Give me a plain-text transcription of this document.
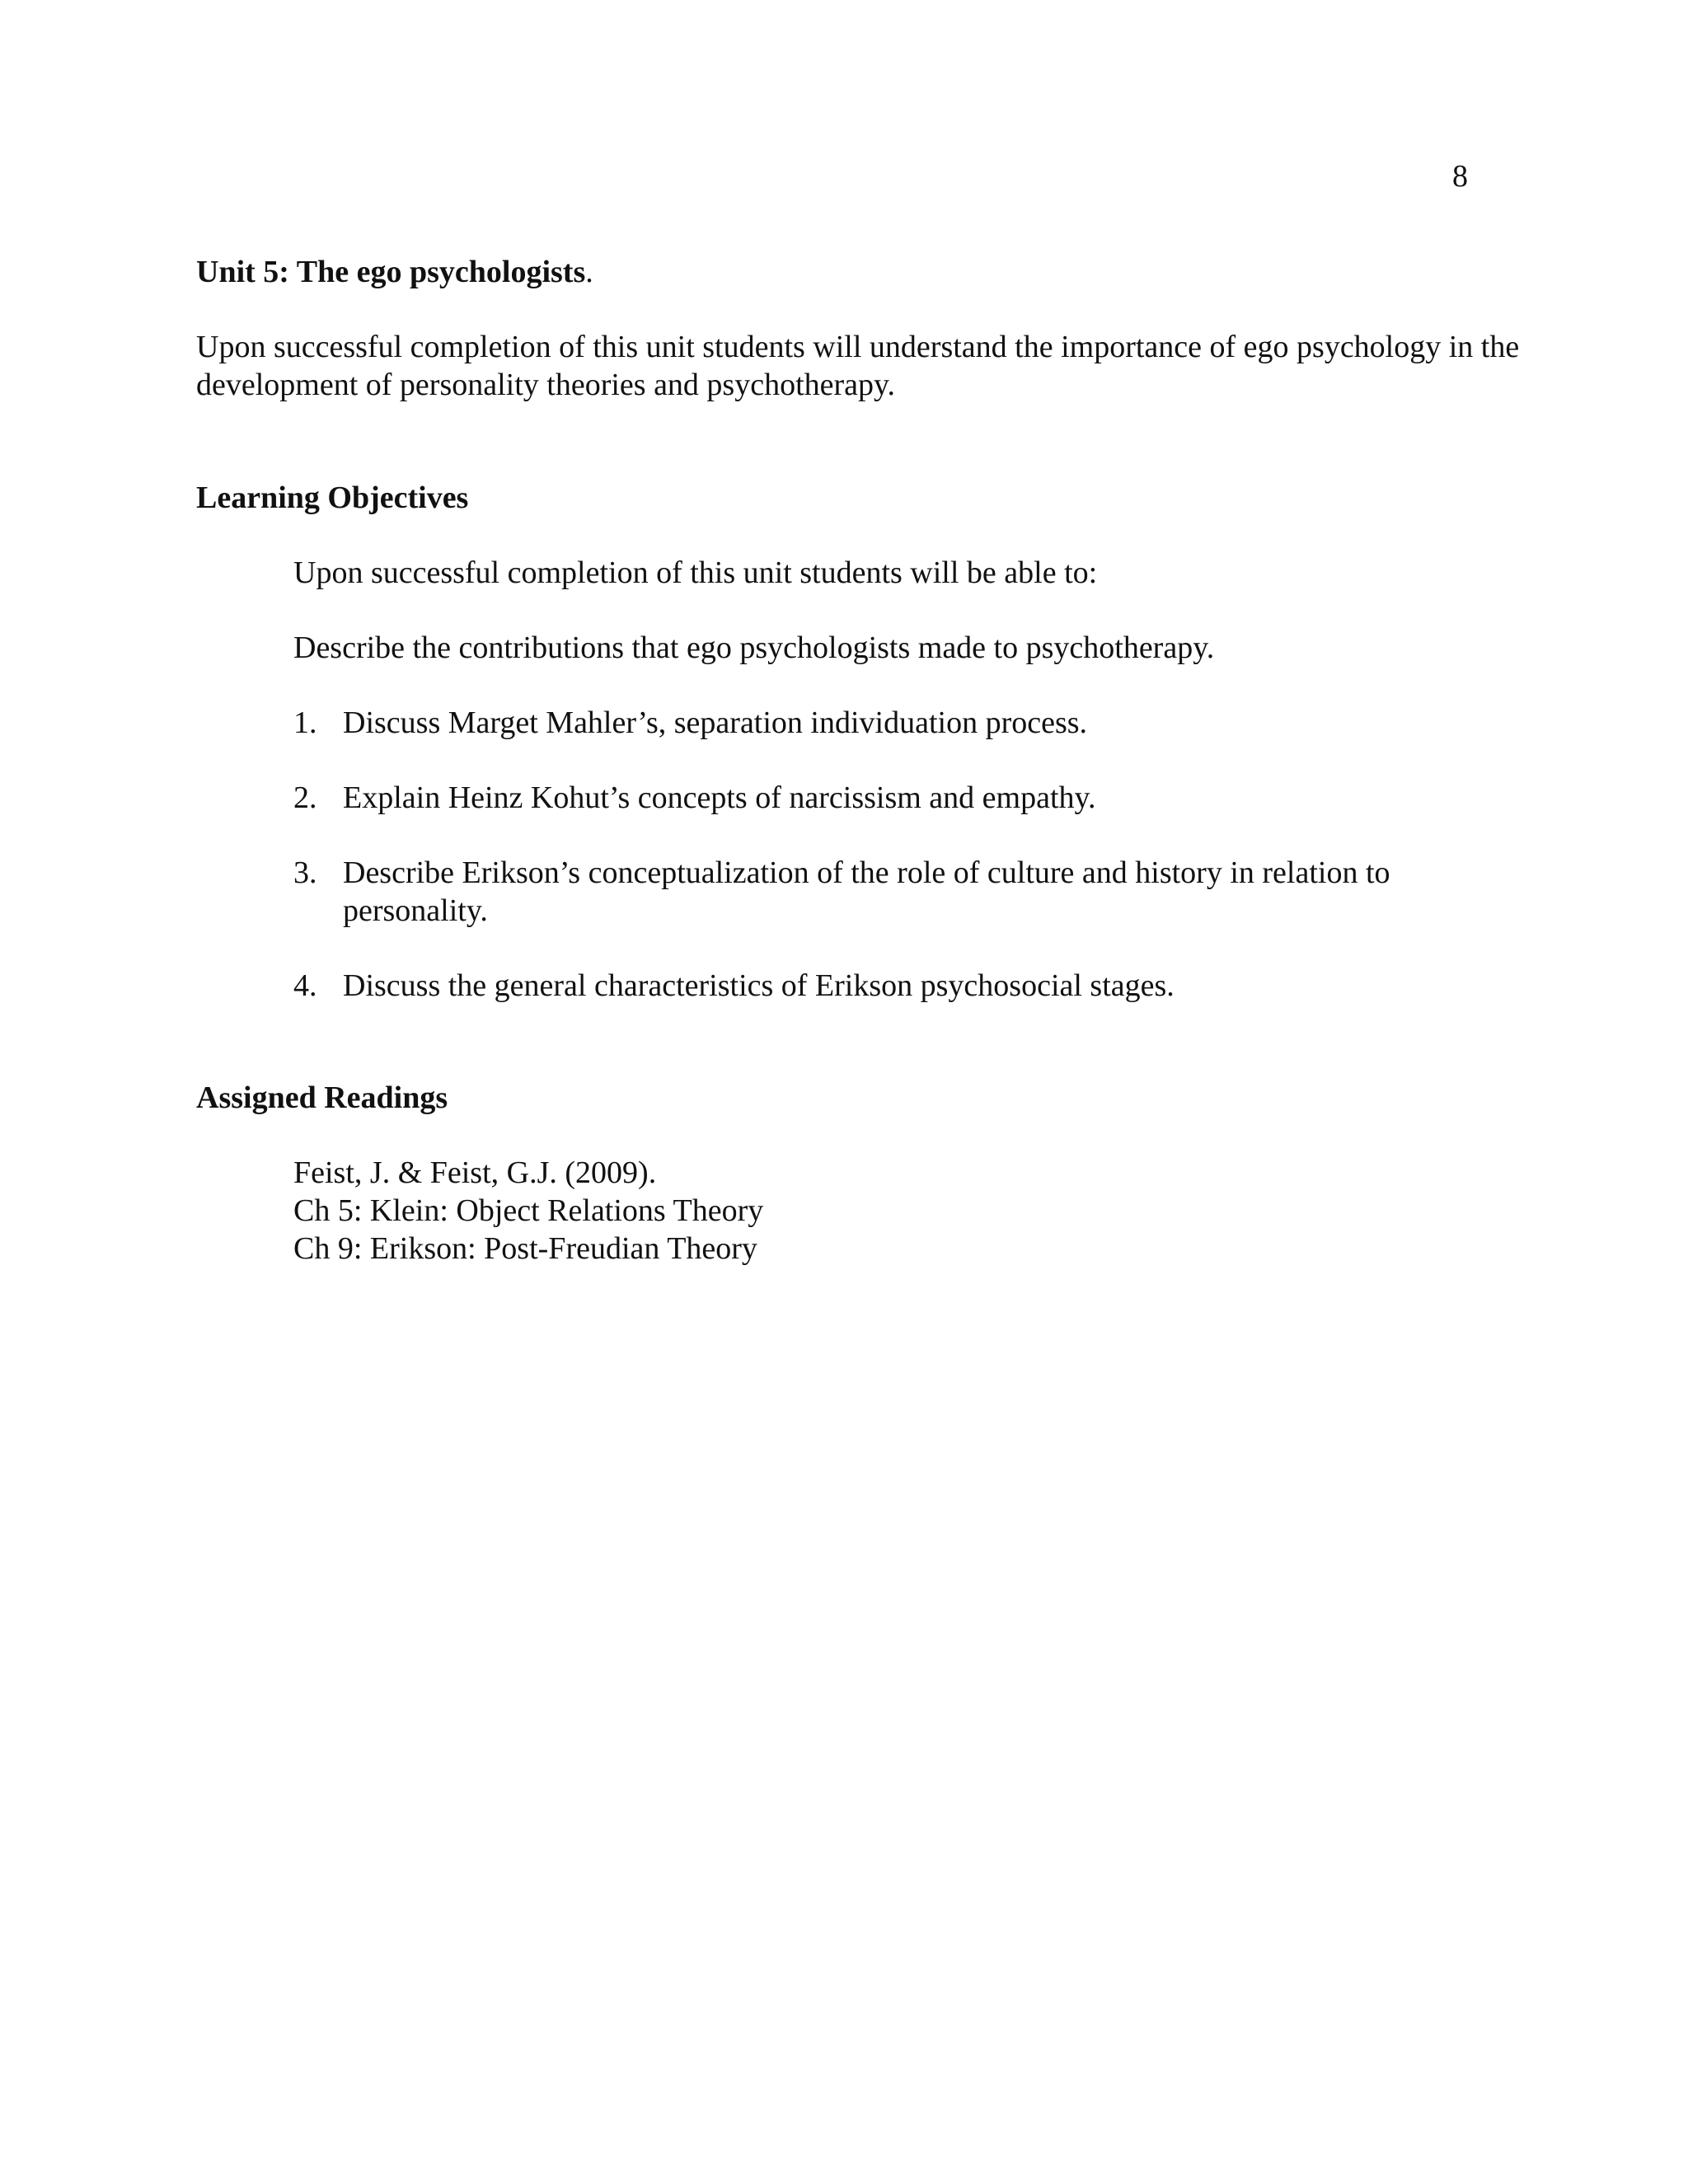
8
Unit 5: The ego psychologists.

Upon successful completion of this unit students will understand the importance of ego psychology in the development of personality theories and psychotherapy.

Learning Objectives

Upon successful completion of this unit students will be able to:

Describe the contributions that ego psychologists made to psychotherapy.

1. Discuss Marget Mahler’s, separation individuation process.
2. Explain Heinz Kohut’s concepts of narcissism and empathy.
3. Describe Erikson’s conceptualization of the role of culture and history in relation to personality.
4. Discuss the general characteristics of Erikson psychosocial stages.
Assigned Readings
Feist, J. & Feist, G.J. (2009).
Ch 5: Klein: Object Relations Theory
Ch 9: Erikson: Post-Freudian Theory
